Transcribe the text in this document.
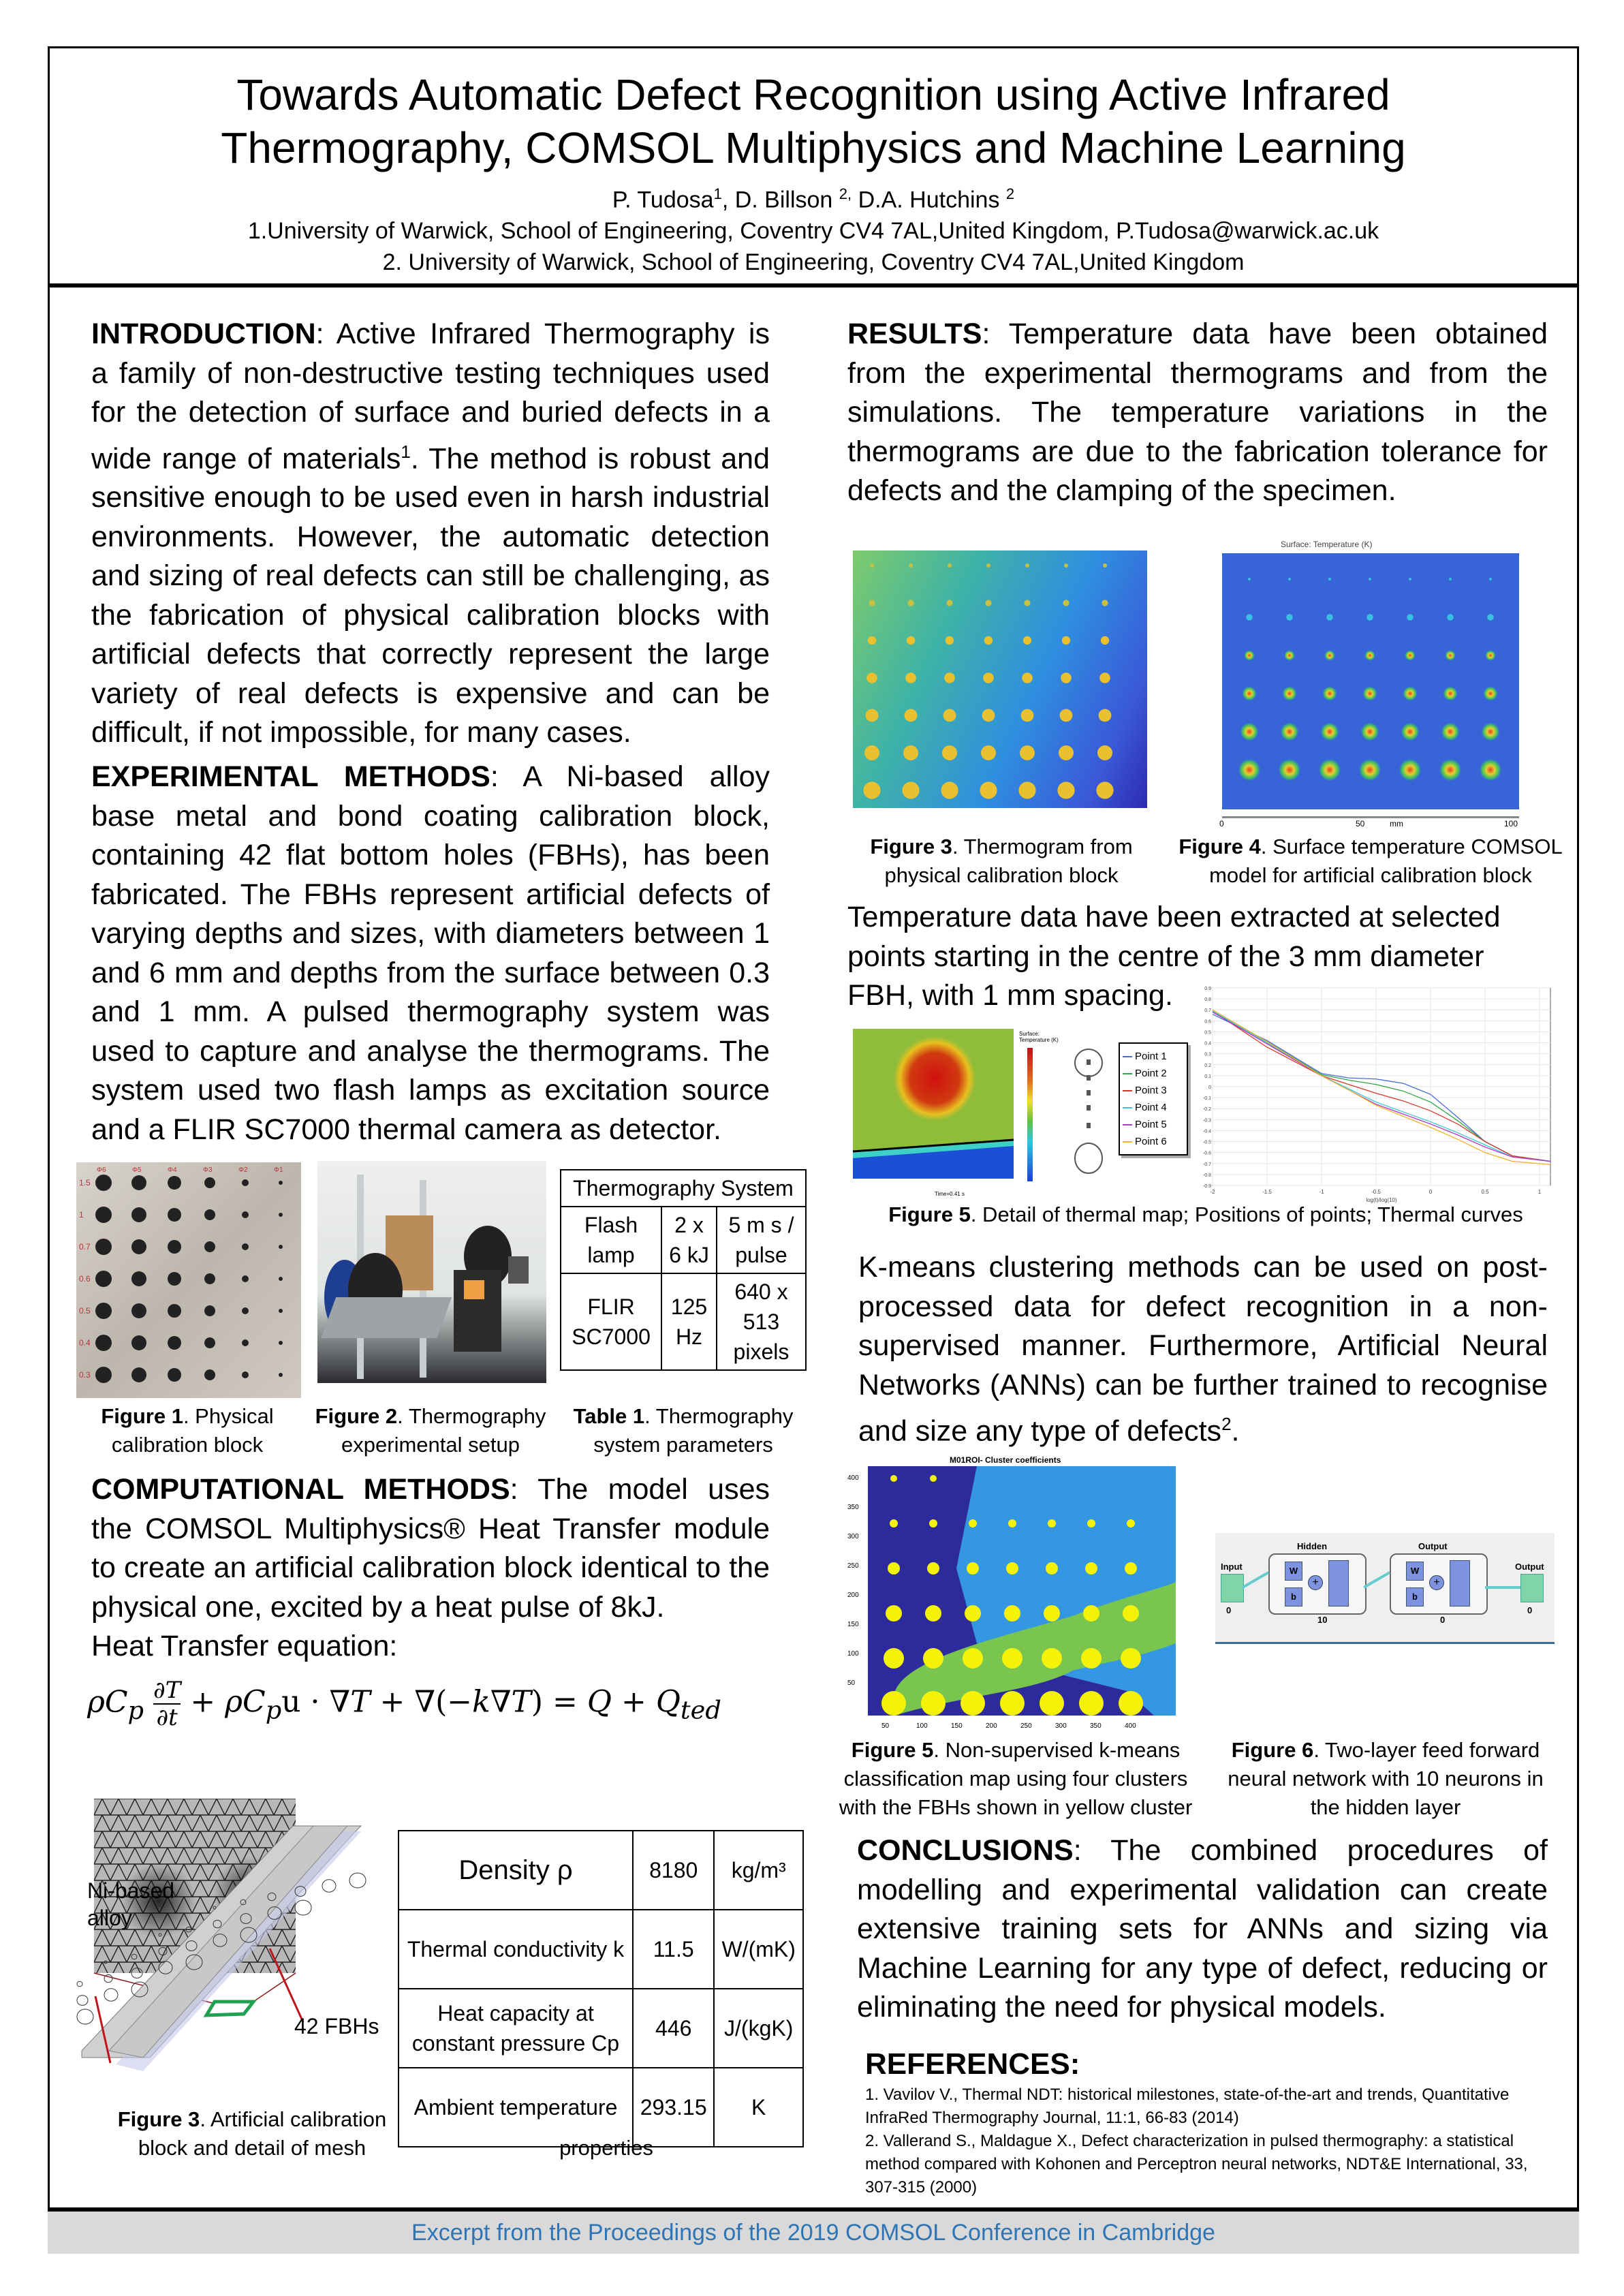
Towards Automatic Defect Recognition using Active Infrared
Thermography, COMSOL Multiphysics and Machine Learning
P. Tudosa$^1$, D. Billson $^{2,}$ D.A. Hutchins $^2$
1.University of Warwick, School of Engineering, Coventry CV4 7AL,United Kingdom, P.Tudosa@warwick.ac.uk
2. University of Warwick, School of Engineering, Coventry CV4 7AL,United Kingdom
INTRODUCTION: Active Infrared Thermography is a family of non-destructive testing techniques used for the detection of surface and buried defects in a wide range of materials$^1$. The method is robust and sensitive enough to be used even in harsh industrial environments. However, the automatic detection and sizing of real defects can still be challenging, as the fabrication of physical calibration blocks with artificial defects that correctly represent the large variety of real defects is expensive and can be difficult, if not impossible, for many cases.
EXPERIMENTAL METHODS: A Ni-based alloy base metal and bond coating calibration block, containing 42 flat bottom holes (FBHs), has been fabricated. The FBHs represent artificial defects of varying depths and sizes, with diameters between 1 and 6 mm and depths from the surface between 0.3 and 1 mm. A pulsed thermography system was used to capture and analyse the thermograms. The system used two flash lamps as excitation source and a FLIR SC7000 thermal camera as detector.
Φ6	Φ5	Φ4	Φ3	Φ2	Φ1
1.5
1
0.7
0.6
0.5
0.4
0.3
Figure 1. Physical calibration block
Figure 2. Thermography experimental setup
Thermography System		
Flash lamp	2 x 6 kJ	5 m s / pulse
FLIR SC7000	125 Hz	640 x 513 pixels
Table 1. Thermography system parameters
COMPUTATIONAL METHODS: The model uses the COMSOL Multiphysics® Heat Transfer module to create an artificial calibration block identical to the physical one, excited by a heat pulse of 8kJ.
Heat Transfer equation:
$\rho C_p \frac{\partial T}{\partial t} + \rho C_pu \cdot \nabla T + \nabla(-k\nabla T) = Q + Q_{ted}$
Ni-based alloy
42 FBHs
Figure 3. Artificial calibration
block and detail of mesh
Density ρ	8180	kg/m³
Thermal conductivity k	11.5	W/(mK)
Heat capacity at constant pressure Cp	446	J/(kgK)
Ambient temperature	293.15	K
properties
RESULTS: Temperature data have been obtained from the experimental thermograms and from the simulations. The temperature variations in the thermograms are due to the fabrication tolerance for defects and the clamping of the specimen.
Figure 3. Thermogram from physical calibration block
Surface: Temperature (K)
0	50	mm	100
Figure 4. Surface temperature COMSOL model for artificial calibration block
Temperature data have been extracted at selected points starting in the centre of the 3 mm diameter FBH, with 1 mm spacing.
Surface: Temperature (K)
Time=0.41 s
Point 1
Point 2
Point 3
Point 4
Point 5
Point 6
-2	-1.5	-1	-0.5	0	0.5	1
-0.9
-0.8
-0.7
-0.6
-0.5
-0.4
-0.3
-0.2
-0.1
0
0.1
0.2
0.3
0.4
0.5
0.6
0.7
0.8
0.9
log(t)/log(10)
Figure 5. Detail of thermal map; Positions of points; Thermal curves
K-means clustering methods can be used on post-processed data for defect recognition in a non-supervised manner. Furthermore, Artificial Neural Networks (ANNs) can be further trained to recognise and size any type of defects$^2$.
M01ROI- Cluster coefficients
400
350
300
250
200
150
100
50
50	100	150	200	250	300	350	400
Figure 5. Non-supervised k-means classification map using four clusters with the FBHs shown in yellow cluster
Input
0
Hidden
W
b
+
10
Output
W
b
+
0
Output
0
Figure 6. Two-layer feed forward neural network with 10 neurons in the hidden layer
CONCLUSIONS: The combined procedures of modelling and experimental validation can create extensive training sets for ANNs and sizing via Machine Learning for any type of defect, reducing or eliminating the need for physical models.
REFERENCES:
1. Vavilov V., Thermal NDT: historical milestones, state-of-the-art and trends, Quantitative InfraRed Thermography Journal, 11:1, 66-83 (2014)
2. Vallerand S., Maldague X., Defect characterization in pulsed thermography: a statistical method compared with Kohonen and Perceptron neural networks, NDT&E International, 33, 307-315 (2000)
Excerpt from the Proceedings of the 2019 COMSOL Conference in Cambridge
